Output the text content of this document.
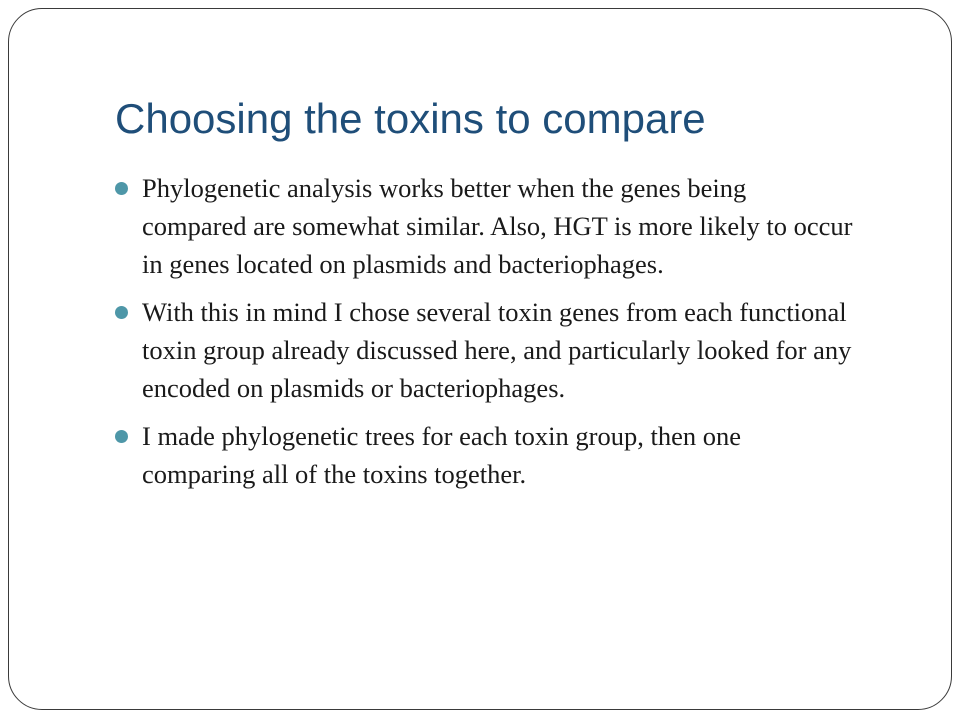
Choosing the toxins to compare
Phylogenetic analysis works better when the genes being compared are somewhat similar. Also, HGT is more likely to occur in genes located on plasmids and bacteriophages.
With this in mind I chose several toxin genes from each functional toxin group already discussed here, and particularly looked for any encoded on plasmids or bacteriophages.
I made phylogenetic trees for each toxin group, then one comparing all of the toxins together.
